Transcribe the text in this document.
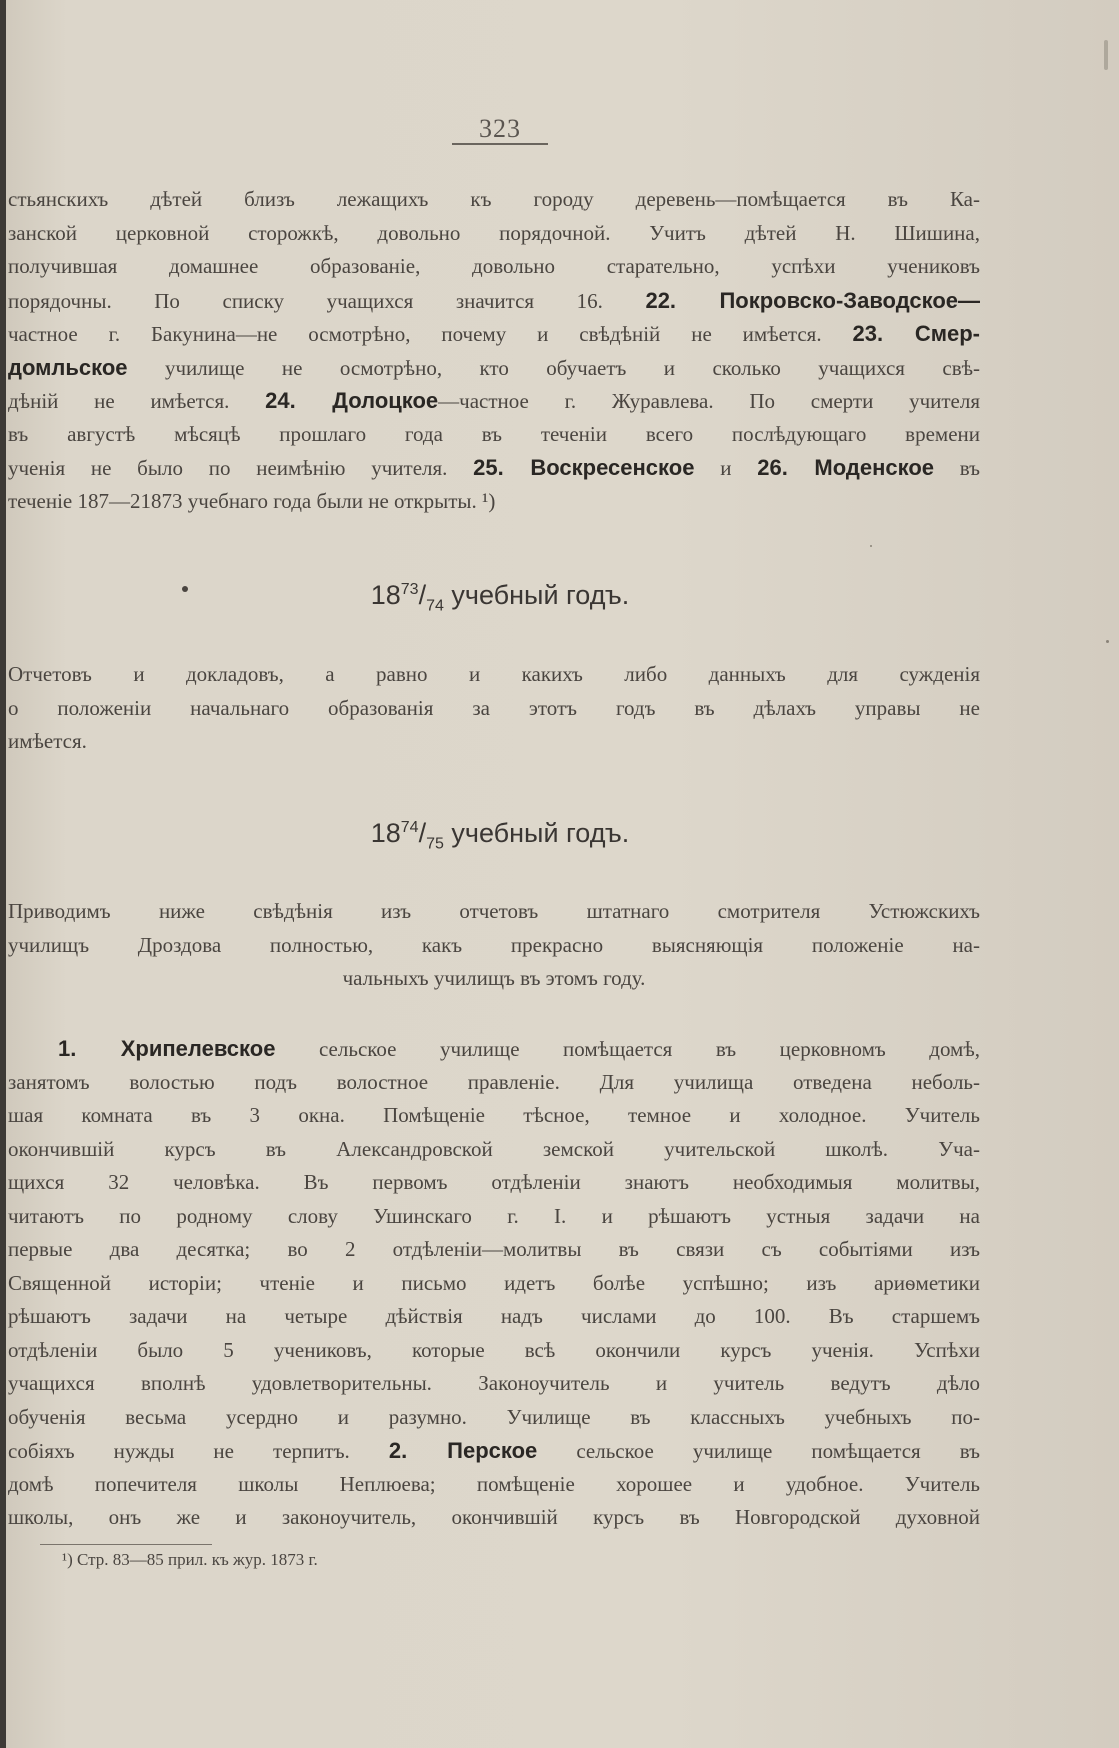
323
стьянскихъ дѣтей близъ лежащихъ къ городу деревень—помѣщается въ Ка-
занской церковной сторожкѣ, довольно порядочной. Учитъ дѣтей Н. Шишина,
получившая домашнее образованіе, довольно старательно, успѣхи учениковъ
порядочны. По списку учащихся значится 16. 22. Покровско-Заводское—
частное г. Бакунина—не осмотрѣно, почему и свѣдѣній не имѣется. 23. Смер-
домльское училище не осмотрѣно, кто обучаетъ и сколько учащихся свѣ-
дѣній не имѣется. 24. Долоцкое—частное г. Журавлева. По смерти учителя
въ августѣ мѣсяцѣ прошлаго года въ теченіи всего послѣдующаго времени
ученія не было по неимѣнію учителя. 25. Воскресенское и 26. Моденское въ
теченіе 187—21873 учебнаго года были не открыты. ¹)
$18^{73}/_{74}$ учебный годъ.
Отчетовъ и докладовъ, а равно и какихъ либо данныхъ для сужденія
о положеніи начальнаго образованія за этотъ годъ въ дѣлахъ управы не
имѣется.
$18^{74}/_{75}$ учебный годъ.
Приводимъ ниже свѣдѣнія изъ отчетовъ штатнаго смотрителя Устюжскихъ
училищъ Дроздова полностью, какъ прекрасно выясняющія положеніе на-
чальныхъ училищъ въ этомъ году.
1. Хрипелевское сельское училище помѣщается въ церковномъ домѣ,
занятомъ волостью подъ волостное правленіе. Для училища отведена неболь-
шая комната въ 3 окна. Помѣщеніе тѣсное, темное и холодное. Учитель
окончившій курсъ въ Александровской земской учительской школѣ. Уча-
щихся 32 человѣка. Въ первомъ отдѣленіи знаютъ необходимыя молитвы,
читаютъ по родному слову Ушинскаго г. I. и рѣшаютъ устныя задачи на
первые два десятка; во 2 отдѣленіи—молитвы въ связи съ событіями изъ
Священной исторіи; чтеніе и письмо идетъ болѣе успѣшно; изъ ариѳметики
рѣшаютъ задачи на четыре дѣйствія надъ числами до 100. Въ старшемъ
отдѣленіи было 5 учениковъ, которые всѣ окончили курсъ ученія. Успѣхи
учащихся вполнѣ удовлетворительны. Законоучитель и учитель ведутъ дѣло
обученія весьма усердно и разумно. Училище въ классныхъ учебныхъ по-
собіяхъ нужды не терпитъ. 2. Перское сельское училище помѣщается въ
домѣ попечителя школы Неплюева; помѣщеніе хорошее и удобное. Учитель
школы, онъ же и законоучитель, окончившій курсъ въ Новгородской духовной
¹) Стр. 83—85 прил. къ жур. 1873 г.
